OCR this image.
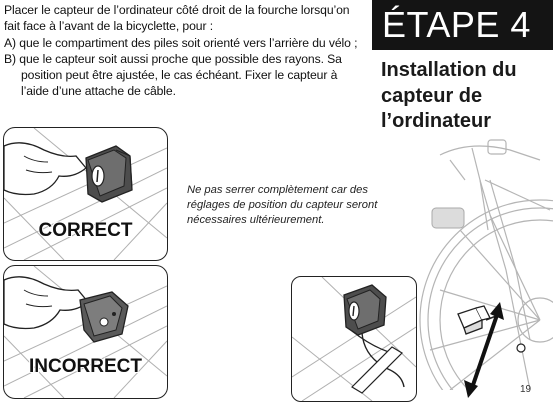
Placer le capteur de l’ordinateur côté droit de la fourche lorsqu’on fait face à l’avant de la bicyclette, pour :

A) que le compartiment des piles soit orienté vers l’arrière du vélo ;

B) que le capteur soit aussi proche que possible des rayons. Sa position peut être ajustée, le cas échéant. Fixer le capteur à l’aide d’une attache de câble.

ÉTAPE 4
Installation du
capteur de
l’ordinateur
Ne pas serrer complètement car des réglages de position du capteur seront nécessaires ultérieurement.
CORRECT
INCORRECT
19
